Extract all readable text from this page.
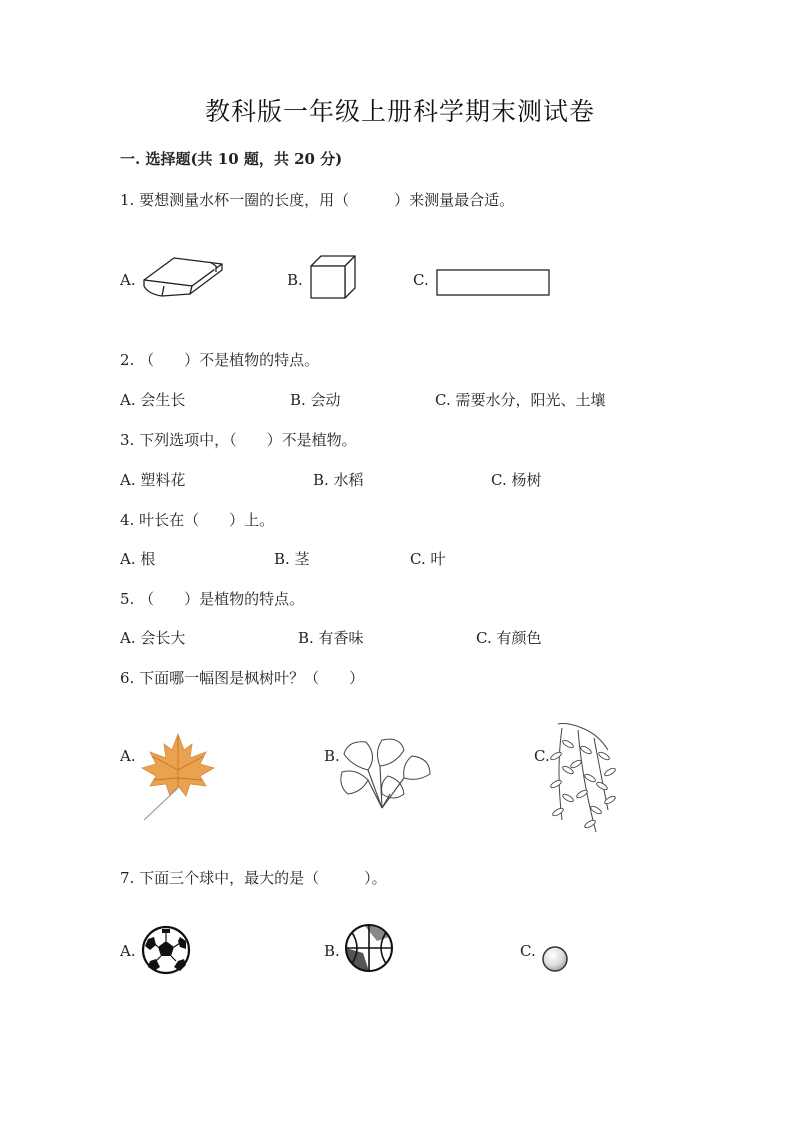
教科版一年级上册科学期末测试卷
一. 选择题(共 10 题，共 20 分)
1. 要想测量水杯一圈的长度，用（　　　）来测量最合适。
A.	B.	C.
2. （　　）不是植物的特点。
A. 会生长	B. 会动	C. 需要水分，阳光、土壤
3. 下列选项中，（　　）不是植物。
A. 塑料花	B. 水稻	C. 杨树
4. 叶长在（　　）上。
A. 根	B. 茎	C. 叶
5. （　　）是植物的特点。
A. 会长大	B. 有香味	C. 有颜色
6. 下面哪一幅图是枫树叶？（　　）
A.	B.	C.
7. 下面三个球中，最大的是（　　　）。
A.	B.	C.
